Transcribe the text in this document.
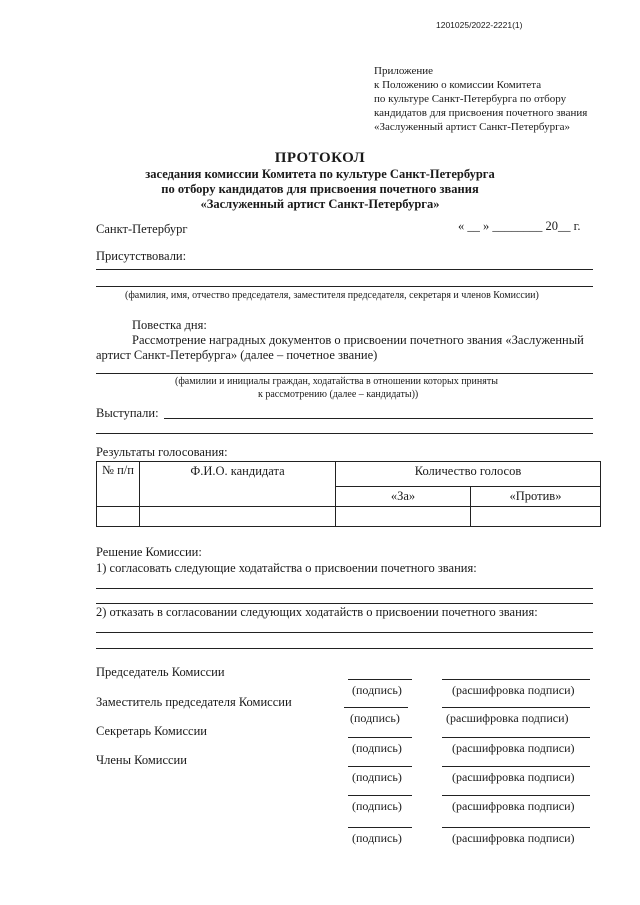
1201025/2022-2221(1)
Приложение
к Положению о комиссии Комитета
по культуре Санкт-Петербурга по отбору
кандидатов для присвоения почетного звания
«Заслуженный артист Санкт-Петербурга»
ПРОТОКОЛ
заседания комиссии Комитета по культуре Санкт-Петербурга
по отбору кандидатов для присвоения почетного звания
«Заслуженный артист Санкт-Петербурга»
Санкт-Петербург	« __ » ________ 20__ г.
Присутствовали:
(фамилия, имя, отчество председателя, заместителя председателя, секретаря и членов Комиссии)
Повестка дня:
Рассмотрение наградных документов о присвоении почетного звания «Заслуженный
артист Санкт-Петербурга» (далее – почетное звание)
(фамилии и инициалы граждан, ходатайства в отношении которых приняты
к рассмотрению (далее – кандидаты))
Выступали:
Результаты голосования:
№ п/п	Ф.И.О. кандидата	Количество голосов	
		«За»	«Против»

Решение Комиссии:
1) согласовать следующие ходатайства о присвоении почетного звания:
2) отказать в согласовании следующих ходатайств о присвоении почетного звания:
Председатель Комиссии
Заместитель председателя Комиссии
Секретарь Комиссии
Члены Комиссии
(подпись)	(расшифровка подписи)
(подпись)	(расшифровка подписи)
(подпись)	(расшифровка подписи)
(подпись)	(расшифровка подписи)
(подпись)	(расшифровка подписи)
(подпись)	(расшифровка подписи)
